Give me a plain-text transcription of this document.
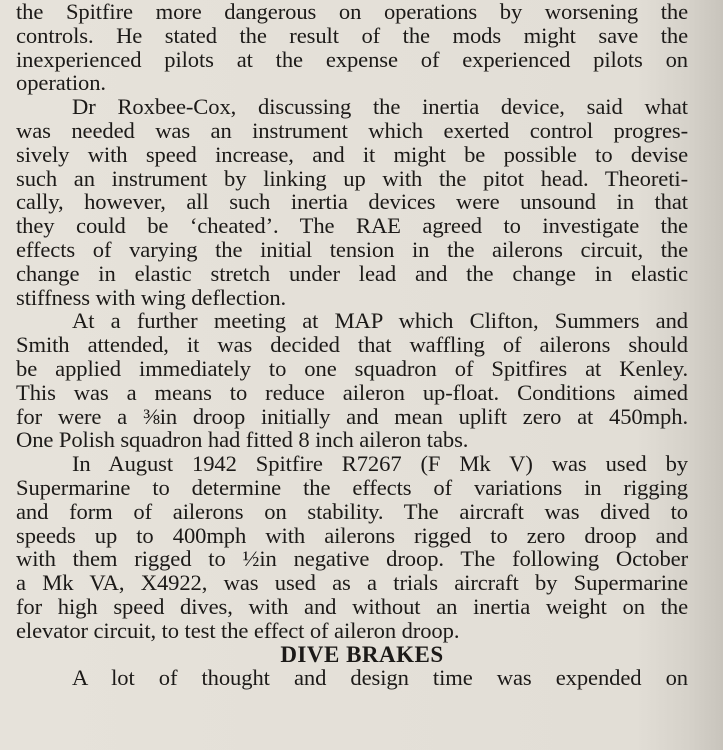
the Spitfire more dangerous on operations by worsening the
controls. He stated the result of the mods might save the
inexperienced pilots at the expense of experienced pilots on
operation.

Dr Roxbee-Cox, discussing the inertia device, said what
was needed was an instrument which exerted control progres-
sively with speed increase, and it might be possible to devise
such an instrument by linking up with the pitot head. Theoreti-
cally, however, all such inertia devices were unsound in that
they could be ‘cheated’. The RAE agreed to investigate the
effects of varying the initial tension in the ailerons circuit, the
change in elastic stretch under lead and the change in elastic
stiffness with wing deflection.

At a further meeting at MAP which Clifton, Summers and
Smith attended, it was decided that waffling of ailerons should
be applied immediately to one squadron of Spitfires at Kenley.
This was a means to reduce aileron up-float. Conditions aimed
for were a ⅜in droop initially and mean uplift zero at 450mph.
One Polish squadron had fitted 8 inch aileron tabs.

In August 1942 Spitfire R7267 (F Mk V) was used by
Supermarine to determine the effects of variations in rigging
and form of ailerons on stability. The aircraft was dived to
speeds up to 400mph with ailerons rigged to zero droop and
with them rigged to ½in negative droop. The following October
a Mk VA, X4922, was used as a trials aircraft by Supermarine
for high speed dives, with and without an inertia weight on the
elevator circuit, to test the effect of aileron droop.

DIVE BRAKES

A lot of thought and design time was expended on
